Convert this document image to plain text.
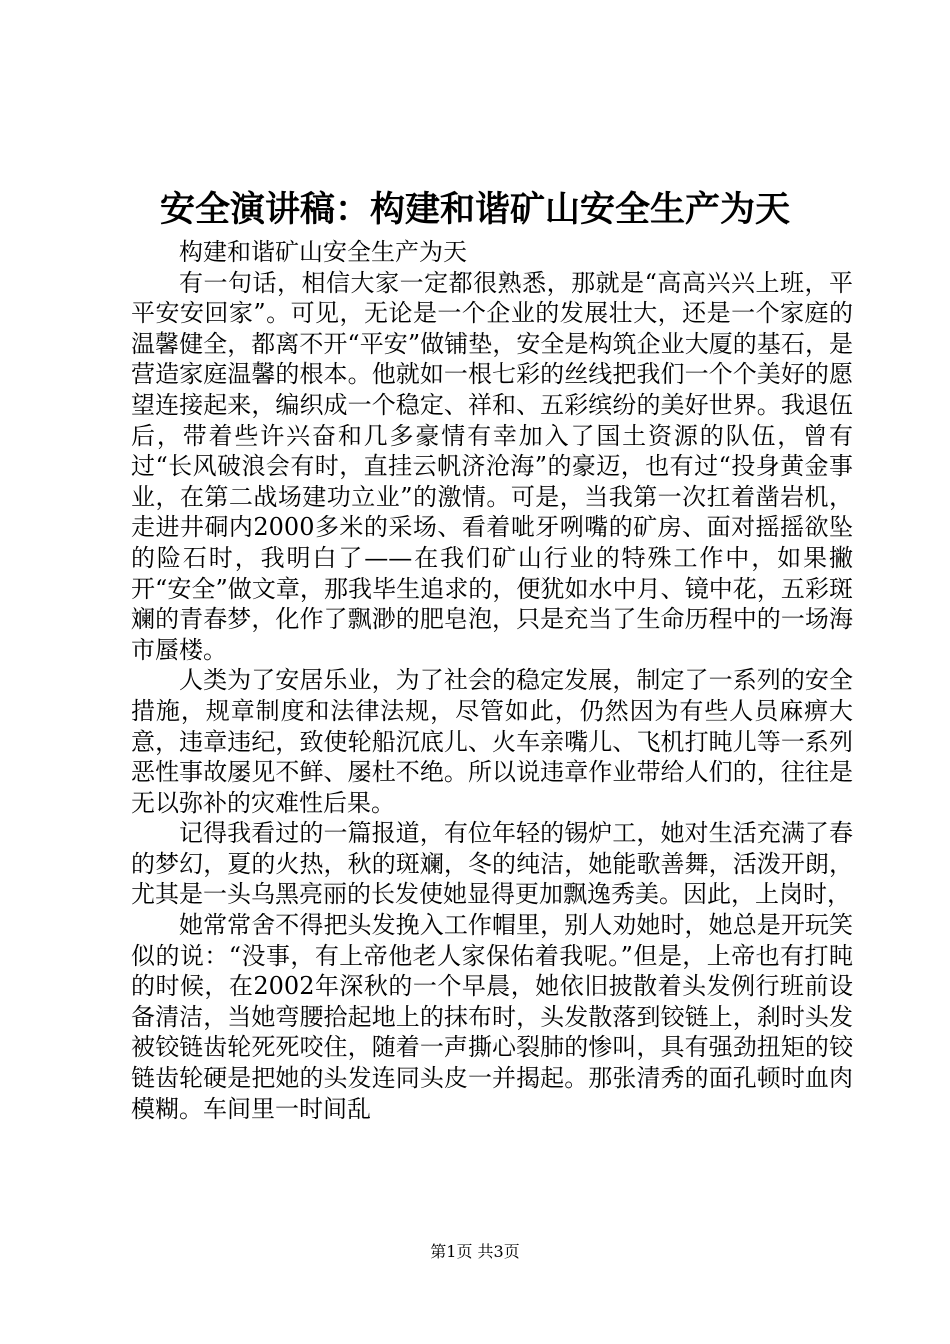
安全演讲稿：构建和谐矿山安全生产为天

构建和谐矿山安全生产为天

有一句话，相信大家一定都很熟悉，那就是“高高兴兴上班，平平安安回家”。可见，无论是一个企业的发展壮大，还是一个家庭的温馨健全，都离不开“平安”做铺垫，安全是构筑企业大厦的基石，是营造家庭温馨的根本。他就如一根七彩的丝线把我们一个个美好的愿望连接起来，编织成一个稳定、祥和、五彩缤纷的美好世界。我退伍后，带着些许兴奋和几多豪情有幸加入了国土资源的队伍，曾有过“长风破浪会有时，直挂云帆济沧海”的豪迈，也有过“投身黄金事业，在第二战场建功立业”的激情。可是，当我第一次扛着凿岩机，走进井硐内2000多米的采场、看着呲牙咧嘴的矿房、面对摇摇欲坠的险石时，我明白了——在我们矿山行业的特殊工作中，如果撇开“安全”做文章，那我毕生追求的，便犹如水中月、镜中花，五彩斑斓的青春梦，化作了飘渺的肥皂泡，只是充当了生命历程中的一场海市蜃楼。

人类为了安居乐业，为了社会的稳定发展，制定了一系列的安全措施，规章制度和法律法规，尽管如此，仍然因为有些人员麻痹大意，违章违纪，致使轮船沉底儿、火车亲嘴儿、飞机打盹儿等一系列恶性事故屡见不鲜、屡杜不绝。所以说违章作业带给人们的，往往是无以弥补的灾难性后果。

记得我看过的一篇报道，有位年轻的锡炉工，她对生活充满了春的梦幻，夏的火热，秋的斑斓，冬的纯洁，她能歌善舞，活泼开朗，尤其是一头乌黑亮丽的长发使她显得更加飘逸秀美。因此，上岗时，

她常常舍不得把头发挽入工作帽里，别人劝她时，她总是开玩笑似的说：“没事，有上帝他老人家保佑着我呢。”但是，上帝也有打盹的时候，在2002年深秋的一个早晨，她依旧披散着头发例行班前设备清洁，当她弯腰拾起地上的抹布时，头发散落到铰链上，刹时头发被铰链齿轮死死咬住，随着一声撕心裂肺的惨叫，具有强劲扭矩的铰链齿轮硬是把她的头发连同头皮一并揭起。那张清秀的面孔顿时血肉模糊。车间里一时间乱

第1页 共3页
